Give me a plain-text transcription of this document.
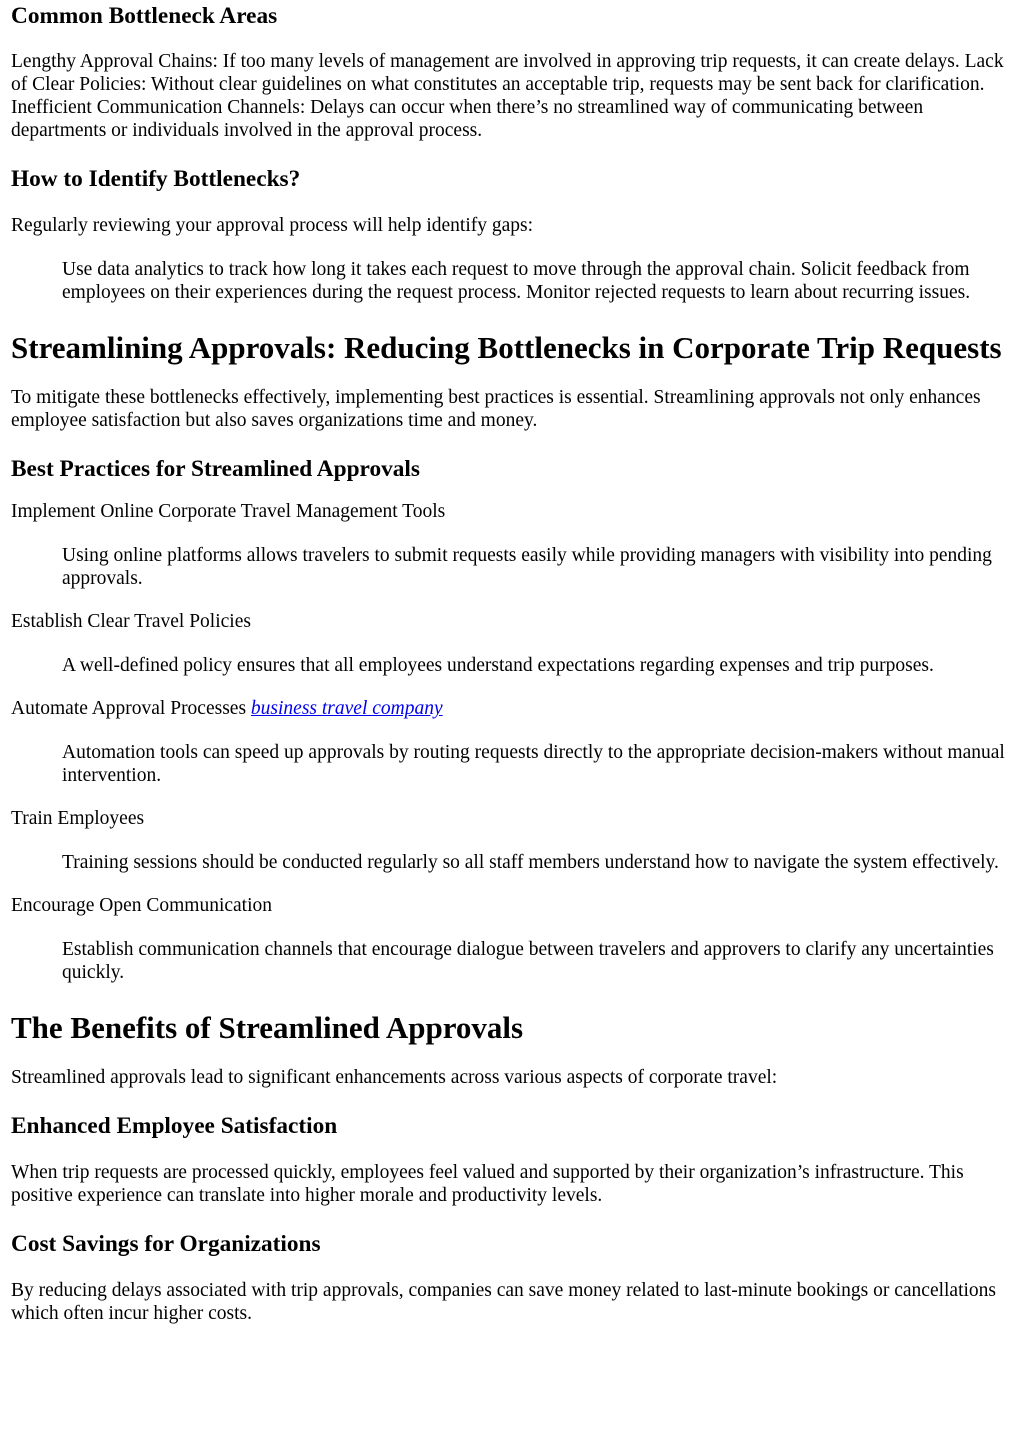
Common Bottleneck Areas

Lengthy Approval Chains: If too many levels of management are involved in approving trip requests, it can create delays. Lack of Clear Policies: Without clear guidelines on what constitutes an acceptable trip, requests may be sent back for clarification. Inefficient Communication Channels: Delays can occur when there’s no streamlined way of communicating between departments or individuals involved in the approval process.

How to Identify Bottlenecks?

Regularly reviewing your approval process will help identify gaps:

Use data analytics to track how long it takes each request to move through the approval chain. Solicit feedback from employees on their experiences during the request process. Monitor rejected requests to learn about recurring issues.

Streamlining Approvals: Reducing Bottlenecks in Corporate Trip Requests

To mitigate these bottlenecks effectively, implementing best practices is essential. Streamlining approvals not only enhances employee satisfaction but also saves organizations time and money.

Best Practices for Streamlined Approvals

Implement Online Corporate Travel Management Tools

Using online platforms allows travelers to submit requests easily while providing managers with visibility into pending approvals.

Establish Clear Travel Policies

A well-defined policy ensures that all employees understand expectations regarding expenses and trip purposes.

Automate Approval Processes business travel company

Automation tools can speed up approvals by routing requests directly to the appropriate decision-makers without manual intervention.

Train Employees

Training sessions should be conducted regularly so all staff members understand how to navigate the system effectively.

Encourage Open Communication

Establish communication channels that encourage dialogue between travelers and approvers to clarify any uncertainties quickly.

The Benefits of Streamlined Approvals

Streamlined approvals lead to significant enhancements across various aspects of corporate travel:

Enhanced Employee Satisfaction

When trip requests are processed quickly, employees feel valued and supported by their organization’s infrastructure. This positive experience can translate into higher morale and productivity levels.

Cost Savings for Organizations

By reducing delays associated with trip approvals, companies can save money related to last-minute bookings or cancellations which often incur higher costs.
